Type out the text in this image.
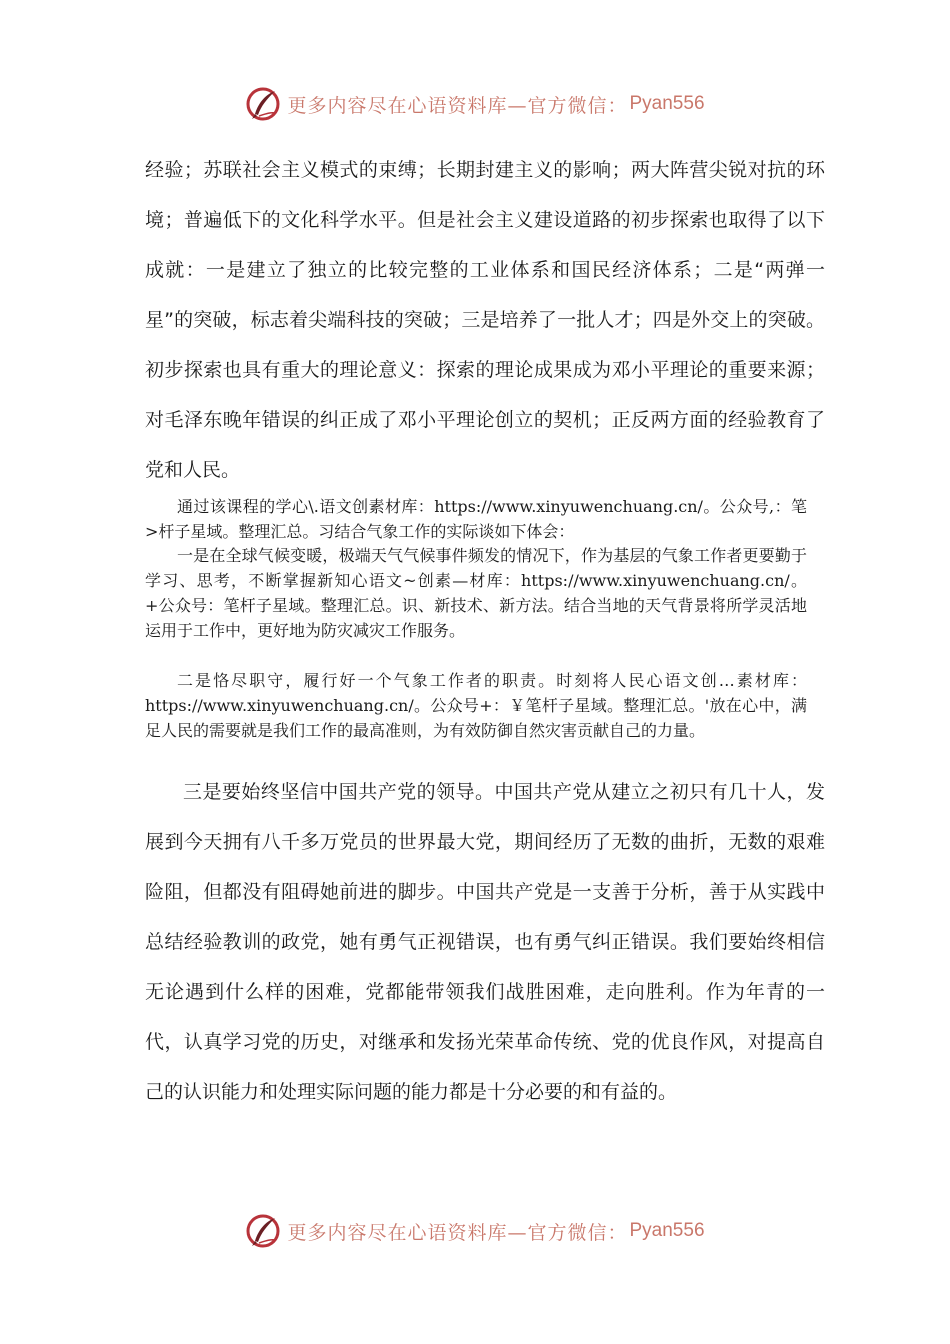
更多内容尽在心语资料库—官方微信： Pyan556

经验；苏联社会主义模式的束缚；长期封建主义的影响；两大阵营尖锐对抗的环境；普遍低下的文化科学水平。但是社会主义建设道路的初步探索也取得了以下成就：一是建立了独立的比较完整的工业体系和国民经济体系；二是“两弹一星”的突破，标志着尖端科技的突破；三是培养了一批人才；四是外交上的突破。初步探索也具有重大的理论意义：探索的理论成果成为邓小平理论的重要来源；对毛泽东晚年错误的纠正成了邓小平理论创立的契机；正反两方面的经验教育了党和人民。

通过该课程的学心\.语文创素材库：https://www.xinyuwenchuang.cn/。公众号,：笔>杆子星域。整理汇总。习结合气象工作的实际谈如下体会：

一是在全球气候变暖，极端天气气候事件频发的情况下，作为基层的气象工作者更要勤于学习、思考，不断掌握新知心语文~创素—材库：https://www.xinyuwenchuang.cn/。+公众号：笔杆子星域。整理汇总。识、新技术、新方法。结合当地的天气背景将所学灵活地运用于工作中，更好地为防灾减灾工作服务。

二是恪尽职守，履行好一个气象工作者的职责。时刻将人民心语文创…素材库：https://www.xinyuwenchuang.cn/。公众号+：￥笔杆子星域。整理汇总。'放在心中，满足人民的需要就是我们工作的最高准则，为有效防御自然灾害贡献自己的力量。

三是要始终坚信中国共产党的领导。中国共产党从建立之初只有几十人，发展到今天拥有八千多万党员的世界最大党，期间经历了无数的曲折，无数的艰难险阻，但都没有阻碍她前进的脚步。中国共产党是一支善于分析，善于从实践中总结经验教训的政党，她有勇气正视错误，也有勇气纠正错误。我们要始终相信无论遇到什么样的困难，党都能带领我们战胜困难，走向胜利。作为年青的一代，认真学习党的历史，对继承和发扬光荣革命传统、党的优良作风，对提高自己的认识能力和处理实际问题的能力都是十分必要的和有益的。

更多内容尽在心语资料库—官方微信： Pyan556
